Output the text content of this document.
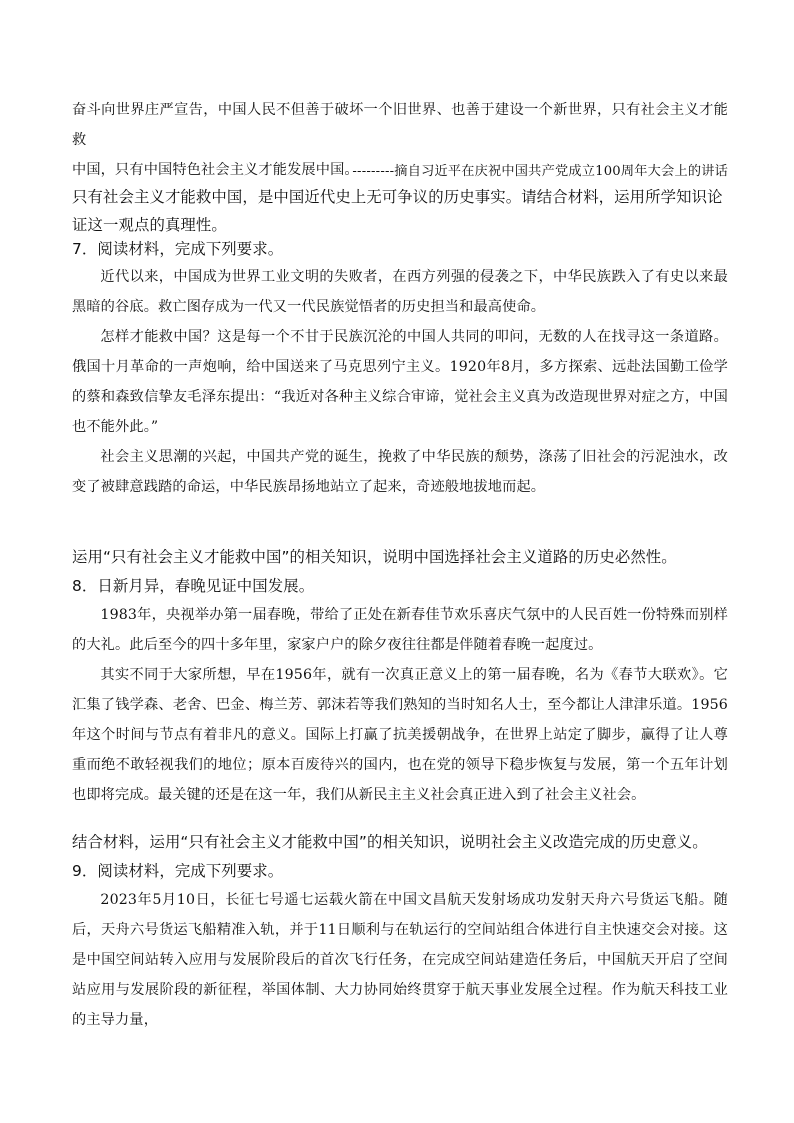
奋斗向世界庄严宣告，中国人民不但善于破坏一个旧世界、也善于建设一个新世界，只有社会主义才能救

中国，只有中国特色社会主义才能发展中国。

---------摘自习近平在庆祝中国共产党成立100周年大会上的讲话

只有社会主义才能救中国，是中国近代史上无可争议的历史事实。请结合材料，运用所学知识论证这一观点的真理性。

7．阅读材料，完成下列要求。

近代以来，中国成为世界工业文明的失败者，在西方列强的侵袭之下，中华民族跌入了有史以来最黑暗的谷底。救亡图存成为一代又一代民族觉悟者的历史担当和最高使命。

怎样才能救中国？这是每一个不甘于民族沉沦的中国人共同的叩问，无数的人在找寻这一条道路。俄国十月革命的一声炮响，给中国送来了马克思列宁主义。1920年8月，多方探索、远赴法国勤工俭学的蔡和森致信挚友毛泽东提出：“我近对各种主义综合审谛，觉社会主义真为改造现世界对症之方，中国也不能外此。”

社会主义思潮的兴起，中国共产党的诞生，挽救了中华民族的颓势，涤荡了旧社会的污泥浊水，改变了被肆意践踏的命运，中华民族昂扬地站立了起来，奇迹般地拔地而起。

运用“只有社会主义才能救中国”的相关知识，说明中国选择社会主义道路的历史必然性。

8．日新月异，春晚见证中国发展。

1983年，央视举办第一届春晚，带给了正处在新春佳节欢乐喜庆气氛中的人民百姓一份特殊而别样的大礼。此后至今的四十多年里，家家户户的除夕夜往往都是伴随着春晚一起度过。

其实不同于大家所想，早在1956年，就有一次真正意义上的第一届春晚，名为《春节大联欢》。它汇集了钱学森、老舍、巴金、梅兰芳、郭沫若等我们熟知的当时知名人士，至今都让人津津乐道。1956年这个时间与节点有着非凡的意义。国际上打赢了抗美援朝战争，在世界上站定了脚步，赢得了让人尊重而绝不敢轻视我们的地位；原本百废待兴的国内，也在党的领导下稳步恢复与发展，第一个五年计划也即将完成。最关键的还是在这一年，我们从新民主主义社会真正进入到了社会主义社会。

结合材料，运用“只有社会主义才能救中国”的相关知识，说明社会主义改造完成的历史意义。

9．阅读材料，完成下列要求。

2023年5月10日，长征七号遥七运载火箭在中国文昌航天发射场成功发射天舟六号货运飞船。随后，天舟六号货运飞船精准入轨，并于11日顺利与在轨运行的空间站组合体进行自主快速交会对接。这是中国空间站转入应用与发展阶段后的首次飞行任务，在完成空间站建造任务后，中国航天开启了空间站应用与发展阶段的新征程，举国体制、大力协同始终贯穿于航天事业发展全过程。作为航天科技工业的主导力量，
